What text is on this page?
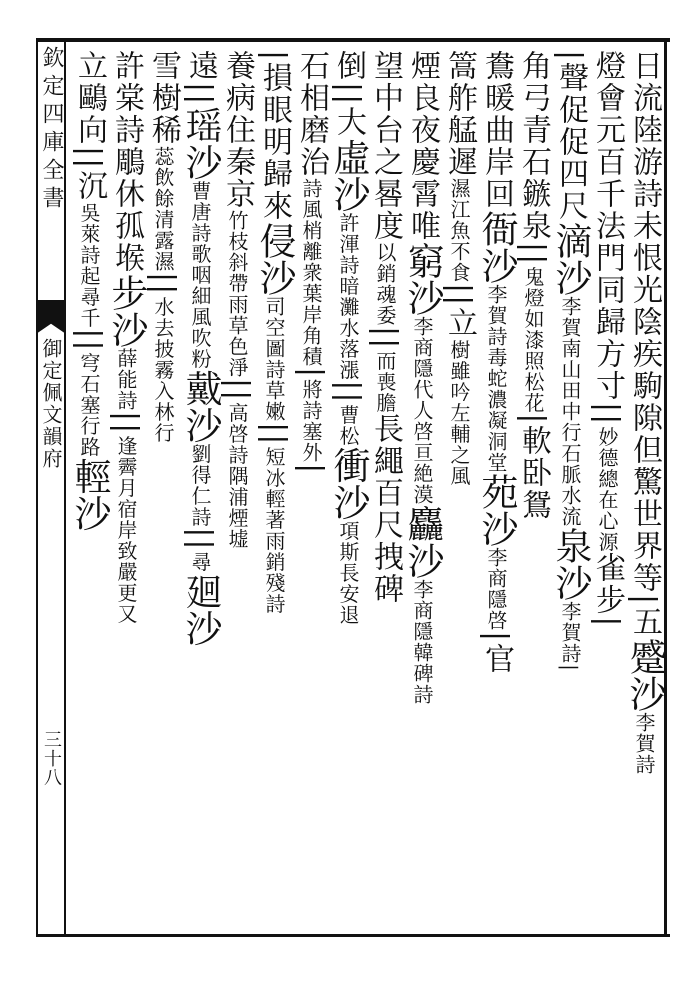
欽定四庫全書
御定佩文韻府
三十八
日流陸游詩未恨光陰疾駒隙但驚世界等|五蹙沙李賀詩
燈會元百千法門同歸方寸||妙德總在心源雀步|
|聲促促四尺滴沙李賀南山田中行石脈水流泉沙李賀詩|
角弓青石鏃泉||鬼燈如漆照松花|軟卧鴛
鴦暖曲岸回衙沙李賀詩毒蛇濃凝洞堂苑沙李商隱啓|官
篙舴艋遲濕江魚不食||立樹雖吟左輔之風
煙良夜慶霄唯窮沙李商隱代人啓亘絶漠麤沙李商隱韓碑詩
望中台之晷度以銷魂委||而喪膽長繩百尺拽碑
倒||大虛沙許渾詩暗灘水落漲||曹松衝沙項斯長安退
石相磨治詩風梢離衆葉岸角積|將詩塞外|
|損眼明歸來侵沙司空圖詩草嫩||短冰輕著雨銷殘詩
養病住秦京竹枝斜帶雨草色淨||高啓詩隅浦煙墟
遠||瑶沙曹唐詩歌咽細風吹粉戴沙劉得仁詩||尋廻沙
雪樹稀蕊飲餘清露濕||水去披霧入林行
許棠詩鵰休孤堠步沙薛能詩||逢霽月宿岸致嚴更又
立鷗向||沉吳萊詩起尋千||穹石塞行路輕沙
